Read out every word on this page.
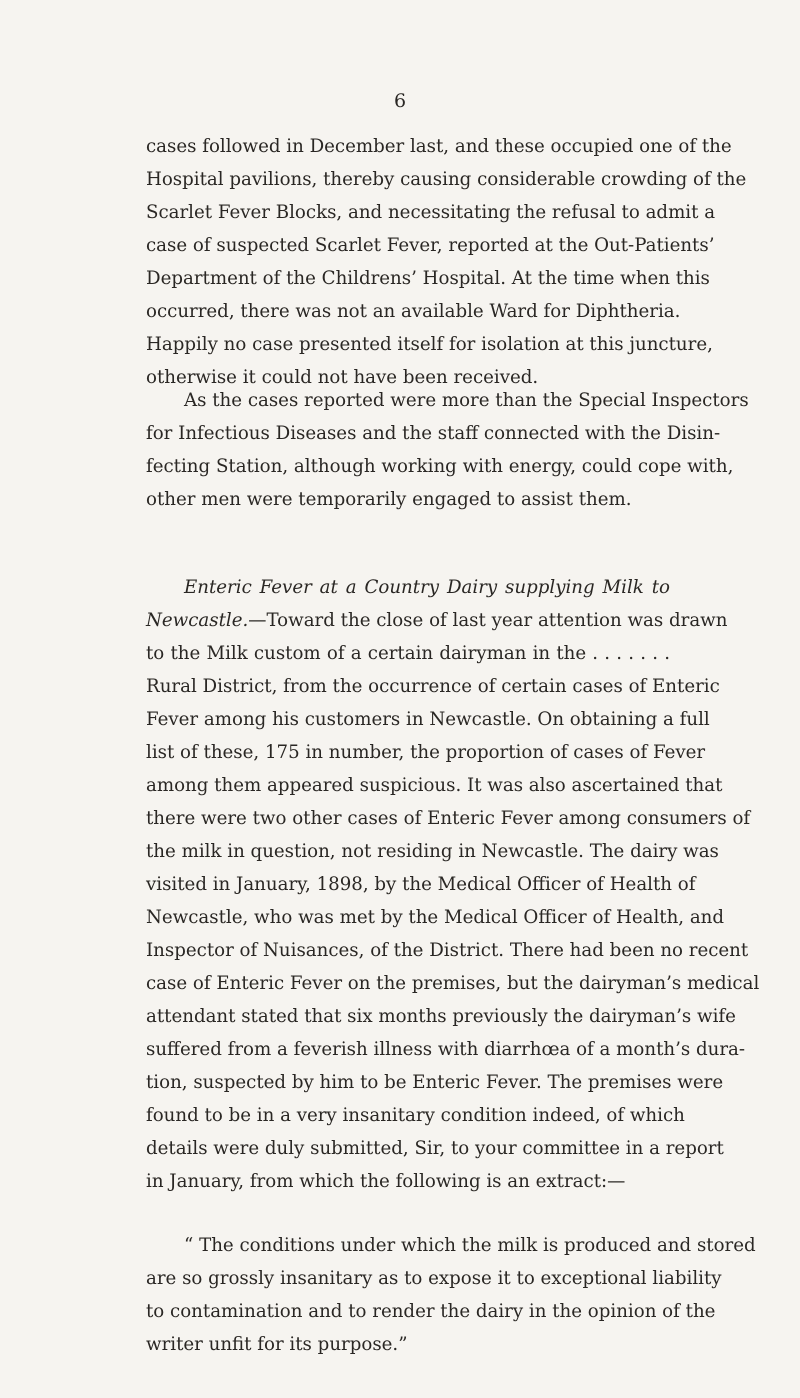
6
cases followed in December last, and these occupied one of the
Hospital pavilions, thereby causing considerable crowding of the
Scarlet Fever Blocks, and necessitating the refusal to admit a
case of suspected Scarlet Fever, reported at the Out-Patients’
Department of the Childrens’ Hospital. At the time when this
occurred, there was not an available Ward for Diphtheria.
Happily no case presented itself for isolation at this juncture,
otherwise it could not have been received.
As the cases reported were more than the Special Inspectors
for Infectious Diseases and the staff connected with the Disin-
fecting Station, although working with energy, could cope with,
other men were temporarily engaged to assist them.
Enteric Fever at a Country Dairy supplying Milk to
Newcastle.—Toward the close of last year attention was drawn
to the Milk custom of a certain dairyman in the . . . . . . .
Rural District, from the occurrence of certain cases of Enteric
Fever among his customers in Newcastle. On obtaining a full
list of these, 175 in number, the proportion of cases of Fever
among them appeared suspicious. It was also ascertained that
there were two other cases of Enteric Fever among consumers of
the milk in question, not residing in Newcastle. The dairy was
visited in January, 1898, by the Medical Officer of Health of
Newcastle, who was met by the Medical Officer of Health, and
Inspector of Nuisances, of the District. There had been no recent
case of Enteric Fever on the premises, but the dairyman’s medical
attendant stated that six months previously the dairyman’s wife
suffered from a feverish illness with diarrhœa of a month’s dura-
tion, suspected by him to be Enteric Fever. The premises were
found to be in a very insanitary condition indeed, of which
details were duly submitted, Sir, to your committee in a report
in January, from which the following is an extract:—
“ The conditions under which the milk is produced and stored
are so grossly insanitary as to expose it to exceptional liability
to contamination and to render the dairy in the opinion of the
writer unfit for its purpose.”
